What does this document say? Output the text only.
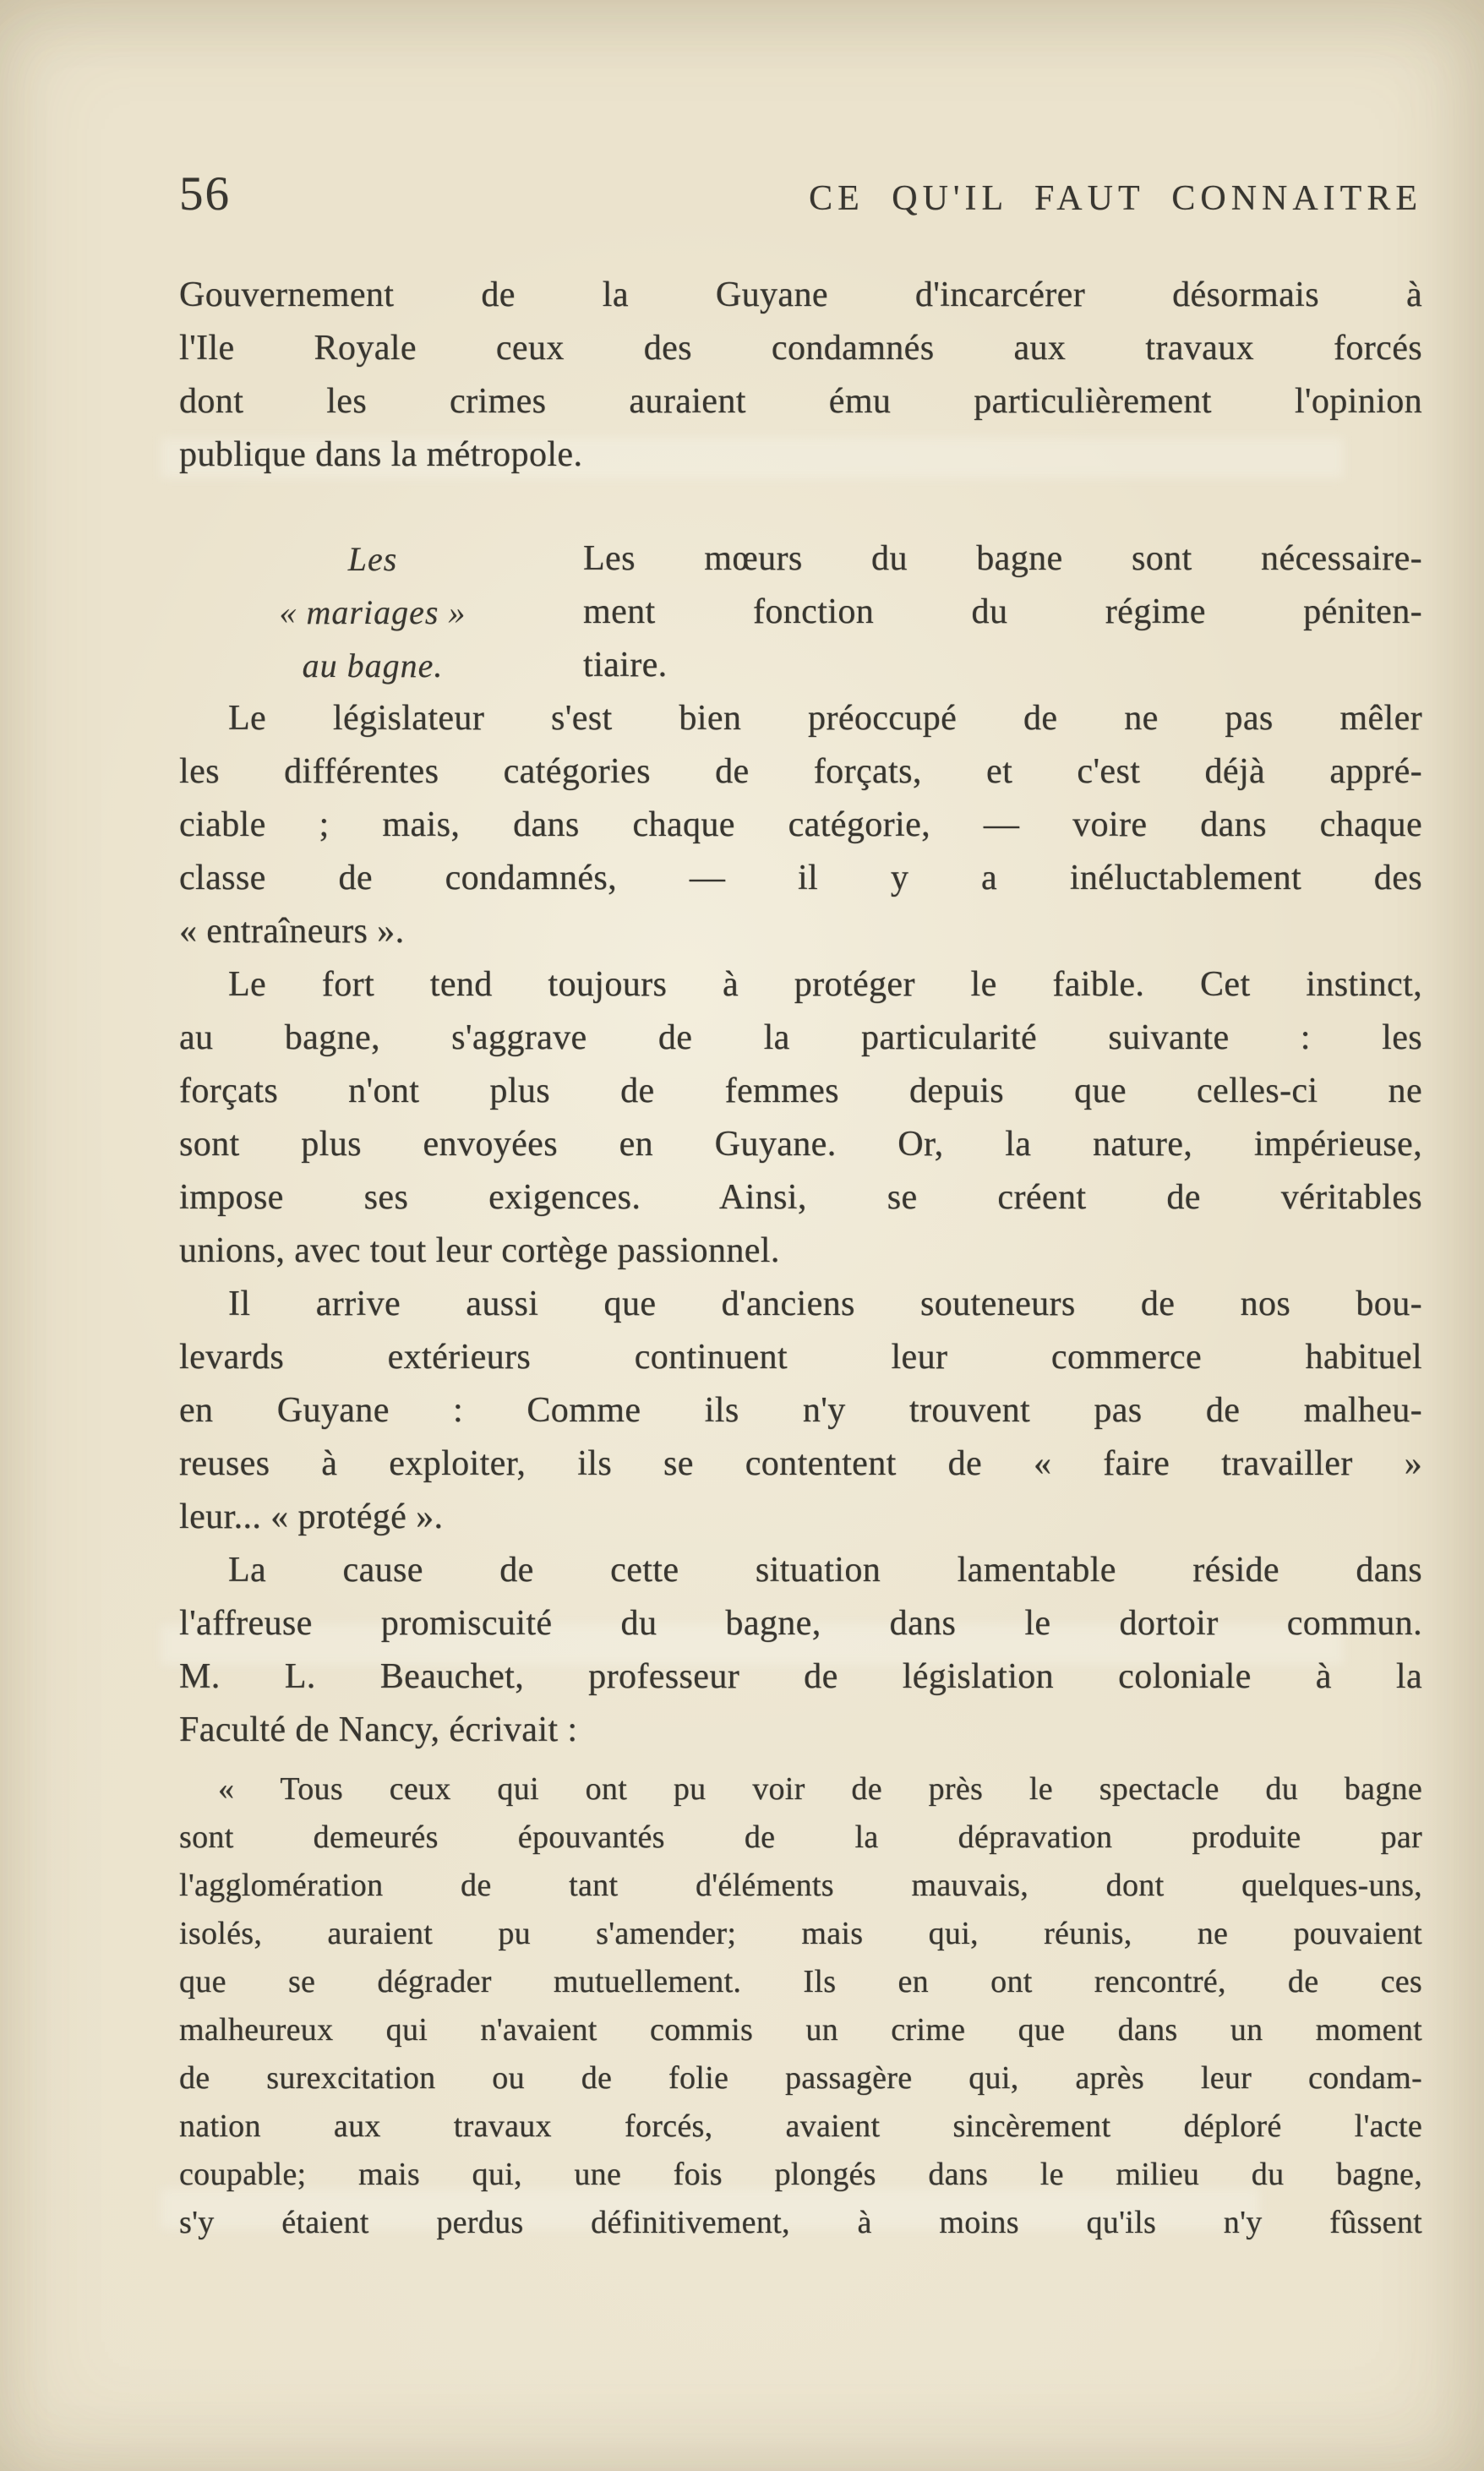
56	CE QU'IL FAUT CONNAITRE
Gouvernement de la Guyane d'incarcérer désormais à
l'Ile Royale ceux des condamnés aux travaux forcés
dont les crimes auraient ému particulièrement l'opinion
publique dans la métropole.
Les
« mariages »
au bagne.
Les mœurs du bagne sont nécessaire-
ment fonction du régime péniten-
tiaire.
Le législateur s'est bien préoccupé de ne pas mêler
les différentes catégories de forçats, et c'est déjà appré-
ciable ; mais, dans chaque catégorie, — voire dans chaque
classe de condamnés, — il y a inéluctablement des
« entraîneurs ».
Le fort tend toujours à protéger le faible. Cet instinct,
au bagne, s'aggrave de la particularité suivante : les
forçats n'ont plus de femmes depuis que celles-ci ne
sont plus envoyées en Guyane. Or, la nature, impérieuse,
impose ses exigences. Ainsi, se créent de véritables
unions, avec tout leur cortège passionnel.
Il arrive aussi que d'anciens souteneurs de nos bou-
levards extérieurs continuent leur commerce habituel
en Guyane : Comme ils n'y trouvent pas de malheu-
reuses à exploiter, ils se contentent de « faire travailler »
leur... « protégé ».
La cause de cette situation lamentable réside dans
l'affreuse promiscuité du bagne, dans le dortoir commun.
M. L. Beauchet, professeur de législation coloniale à la
Faculté de Nancy, écrivait :
« Tous ceux qui ont pu voir de près le spectacle du bagne
sont demeurés épouvantés de la dépravation produite par
l'agglomération de tant d'éléments mauvais, dont quelques-uns,
isolés, auraient pu s'amender; mais qui, réunis, ne pouvaient
que se dégrader mutuellement. Ils en ont rencontré, de ces
malheureux qui n'avaient commis un crime que dans un moment
de surexcitation ou de folie passagère qui, après leur condam-
nation aux travaux forcés, avaient sincèrement déploré l'acte
coupable; mais qui, une fois plongés dans le milieu du bagne,
s'y étaient perdus définitivement, à moins qu'ils n'y fûssent
